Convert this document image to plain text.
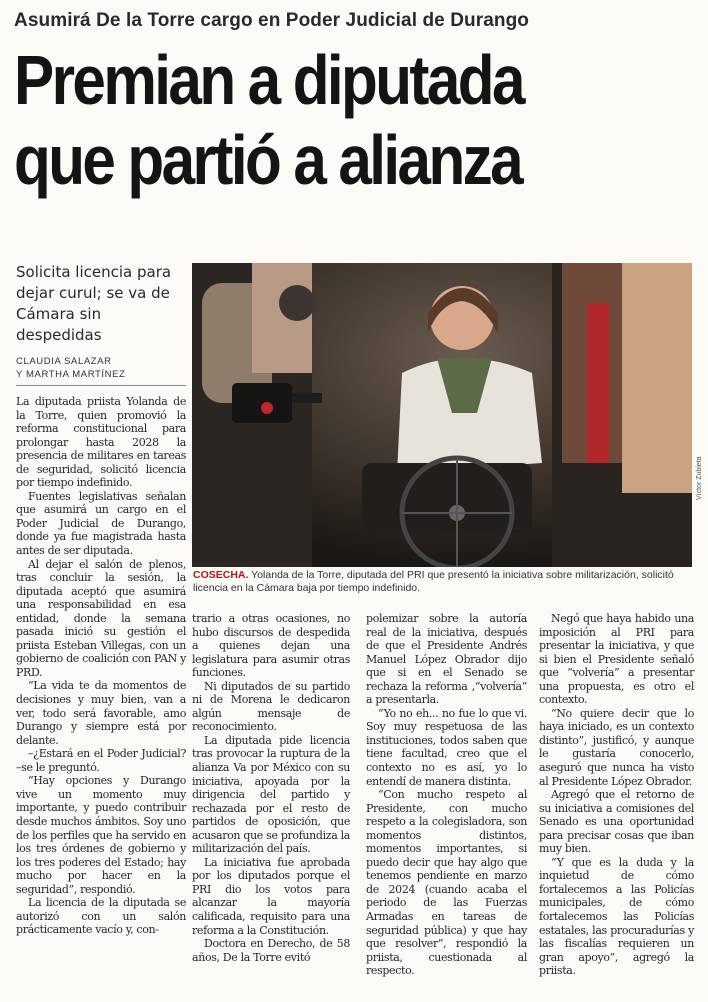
Asumirá De la Torre cargo en Poder Judicial de Durango
Premian a diputada
que partió a alianza
Solicita licencia para dejar curul; se va de Cámara sin despedidas
CLAUDIA SALAZAR
Y MARTHA MARTÍNEZ
Víctor Zubieta
COSECHA. Yolanda de la Torre, diputada del PRI que presentó la iniciativa sobre militarización, solicitó licencia en la Cámara baja por tiempo indefinido.

La diputada priista Yolanda de la Torre, quien promovió la reforma constitucional para prolongar hasta 2028 la presencia de militares en tareas de seguridad, solicitó licencia por tiempo indefinido.

Fuentes legislativas señalan que asumirá un cargo en el Poder Judicial de Durango, donde ya fue magistrada hasta antes de ser diputada.

Al dejar el salón de plenos, tras concluir la sesión, la diputada aceptó que asumirá una responsabilidad en esa entidad, donde la semana pasada inició su gestión el priista Esteban Villegas, con un gobierno de coalición con PAN y PRD.

“La vida te da momentos de decisiones y muy bien, van a ver, todo será favorable, amo Durango y siempre está por delante.

–¿Estará en el Poder Judicial? –se le preguntó.

“Hay opciones y Durango vive un momento muy importante, y puedo contribuir desde muchos ámbitos. Soy uno de los perfiles que ha servido en los tres órdenes de gobierno y los tres poderes del Estado; hay mucho por hacer en la seguridad”, respondió.

La licencia de la diputada se autorizó con un salón prácticamente vacío y, con-

trario a otras ocasiones, no hubo discursos de despedida a quienes dejan una legislatura para asumir otras funciones.

Ni diputados de su partido ni de Morena le dedicaron algún mensaje de reconocimiento.

La diputada pide licencia tras provocar la ruptura de la alianza Va por México con su iniciativa, apoyada por la dirigencia del partido y rechazada por el resto de partidos de oposición, que acusaron que se profundiza la militarización del país.

La iniciativa fue aprobada por los diputados porque el PRI dio los votos para alcanzar la mayoría calificada, requisito para una reforma a la Constitución.

Doctora en Derecho, de 58 años, De la Torre evitó

polemizar sobre la autoría real de la iniciativa, después de que el Presidente Andrés Manuel López Obrador dijo que si en el Senado se rechaza la reforma ,“volvería” a presentarla.

“Yo no eh... no fue lo que vi. Soy muy respetuosa de las instituciones, todos saben que tiene facultad, creo que el contexto no es así, yo lo entendí de manera distinta.

“Con mucho respeto al Presidente, con mucho respeto a la colegisladora, son momentos distintos, momentos importantes, si puedo decir que hay algo que tenemos pendiente en marzo de 2024 (cuando acaba el periodo de las Fuerzas Armadas en tareas de seguridad pública) y que hay que resolver”, respondió la priista, cuestionada al respecto.

Negó que haya habido una imposición al PRI para presentar la iniciativa, y que si bien el Presidente señaló que “volvería” a presentar una propuesta, es otro el contexto.

“No quiere decir que lo haya iniciado, es un contexto distinto”, justificó, y aunque le gustaría conocerlo, aseguró que nunca ha visto al Presidente López Obrador.

Agregó que el retorno de su iniciativa a comisiones del Senado es una oportunidad para precisar cosas que iban muy bien.

“Y que es la duda y la inquietud de cómo fortalecemos a las Policías municipales, de cómo fortalecemos las Policías estatales, las procuradurías y las fiscalías requieren un gran apoyo”, agregó la priista.
